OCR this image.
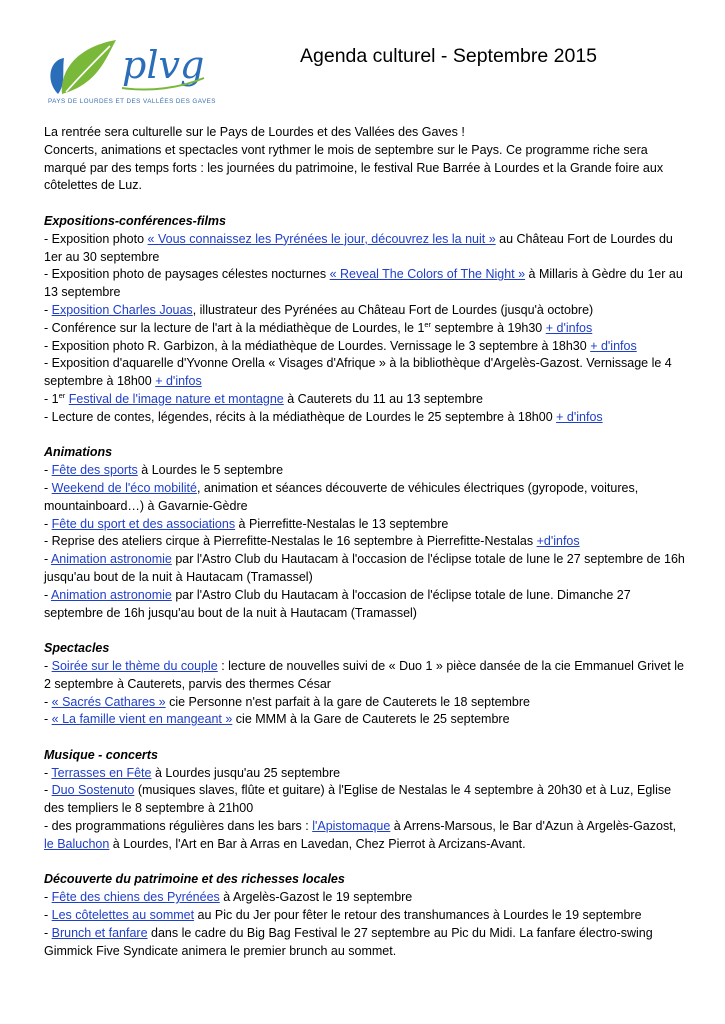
plvg
PAYS DE LOURDES ET DES VALLÉES DES GAVES
Agenda culturel - Septembre 2015

La rentrée sera culturelle sur le Pays de Lourdes et des Vallées des Gaves !

Concerts, animations et spectacles vont rythmer le mois de septembre sur le Pays. Ce programme riche sera marqué par des temps forts : les journées du patrimoine, le festival Rue Barrée à Lourdes et la Grande foire aux côtelettes de Luz.

Expositions-conférences-films

- Exposition photo « Vous connaissez les Pyrénées le jour, découvrez les la nuit » au Château Fort de Lourdes du 1er au 30 septembre

- Exposition photo de paysages célestes nocturnes « Reveal The Colors of The Night » à Millaris à Gèdre du 1er au 13 septembre

- Exposition Charles Jouas, illustrateur des Pyrénées au Château Fort de Lourdes (jusqu'à octobre)

- Conférence sur la lecture de l'art à la médiathèque de Lourdes, le 1er septembre à 19h30 + d'infos

- Exposition photo R. Garbizon, à la médiathèque de Lourdes. Vernissage le 3 septembre à 18h30 + d'infos

- Exposition d'aquarelle d'Yvonne Orella « Visages d'Afrique » à la bibliothèque d'Argelès-Gazost. Vernissage le 4 septembre à 18h00 + d'infos

- 1er Festival de l'image nature et montagne à Cauterets du 11 au 13 septembre

- Lecture de contes, légendes, récits à la médiathèque de Lourdes le 25 septembre à 18h00 + d'infos

Animations

- Fête des sports à Lourdes le 5 septembre

- Weekend de l'éco mobilité, animation et séances découverte de véhicules électriques (gyropode, voitures, mountainboard…) à Gavarnie-Gèdre

- Fête du sport et des associations à Pierrefitte-Nestalas le 13 septembre

- Reprise des ateliers cirque à Pierrefitte-Nestalas le 16 septembre à Pierrefitte-Nestalas +d'infos

- Animation astronomie par l'Astro Club du Hautacam à l'occasion de l'éclipse totale de lune le 27 septembre de 16h jusqu'au bout de la nuit à Hautacam (Tramassel)

- Animation astronomie par l'Astro Club du Hautacam à l'occasion de l'éclipse totale de lune. Dimanche 27 septembre de 16h jusqu'au bout de la nuit à Hautacam (Tramassel)

Spectacles

- Soirée sur le thème du couple : lecture de nouvelles suivi de « Duo 1 » pièce dansée de la cie Emmanuel Grivet le 2 septembre à Cauterets, parvis des thermes César

- « Sacrés Cathares » cie Personne n'est parfait à la gare de Cauterets le 18 septembre

- « La famille vient en mangeant » cie MMM à la Gare de Cauterets le 25 septembre

Musique - concerts

- Terrasses en Fête à Lourdes jusqu'au 25 septembre

- Duo Sostenuto (musiques slaves, flûte et guitare) à l'Eglise de Nestalas le 4 septembre à 20h30 et à Luz, Eglise des templiers le 8 septembre à 21h00

- des programmations régulières dans les bars : l'Apistomaque à Arrens-Marsous, le Bar d'Azun à Argelès-Gazost, le Baluchon à Lourdes, l'Art en Bar à Arras en Lavedan, Chez Pierrot à Arcizans-Avant.

Découverte du patrimoine et des richesses locales

- Fête des chiens des Pyrénées à Argelès-Gazost le 19 septembre

- Les côtelettes au sommet au Pic du Jer pour fêter le retour des transhumances à Lourdes le 19 septembre

- Brunch et fanfare dans le cadre du Big Bag Festival le 27 septembre au Pic du Midi. La fanfare électro-swing Gimmick Five Syndicate animera le premier brunch au sommet.
